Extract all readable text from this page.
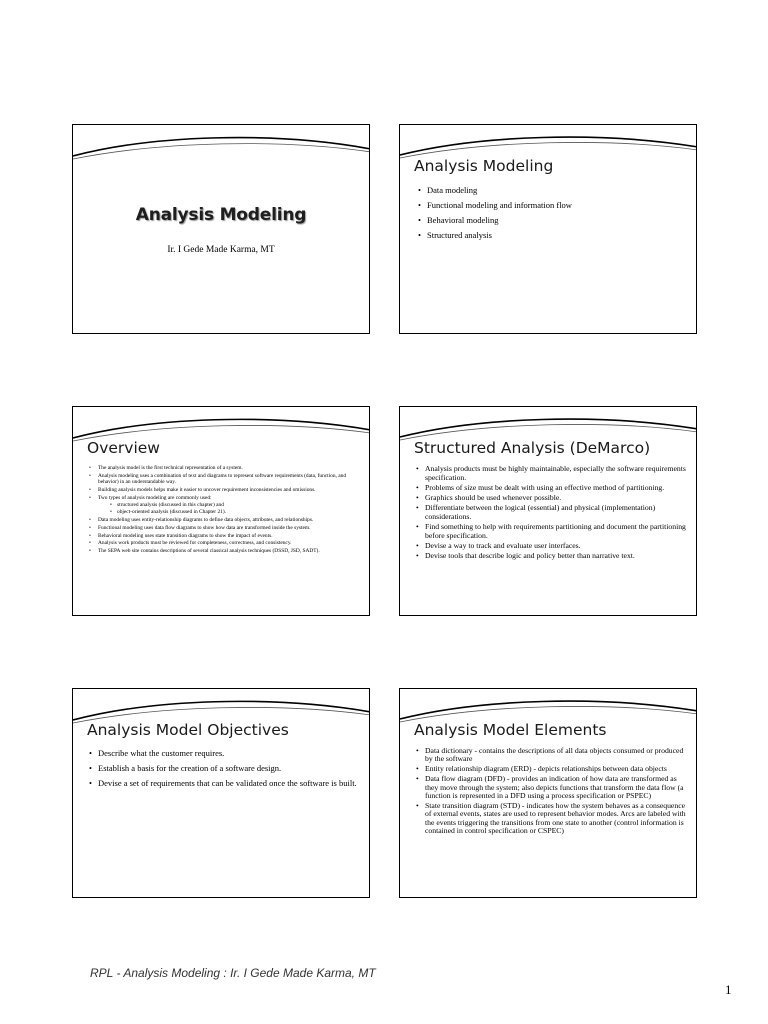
Analysis Modeling
Ir. I Gede Made Karma, MT
Analysis Modeling
• Data modeling
• Functional modeling and information flow
• Behavioral modeling
• Structured analysis
Overview
• The analysis model is the first technical representation of a system.
• Analysis modeling uses a combination of text and diagrams to represent software requirements (data, function, and behavior) in an understandable way.
• Building analysis models helps make it easier to uncover requirement inconsistencies and omissions.
• Two types of analysis modeling are commonly used:
• structured analysis (discussed in this chapter) and
• object-oriented analysis (discussed in Chapter 21).
• Data modeling uses entity-relationship diagrams to define data objects, attributes, and relationships.
• Functional modeling uses data flow diagrams to show how data are transformed inside the system.
• Behavioral modeling uses state transition diagrams to show the impact of events.
• Analysis work products must be reviewed for completeness, correctness, and consistency.
• The SEPA web site contains descriptions of several classical analysis techniques (DSSD, JSD, SADT).
Structured Analysis (DeMarco)
• Analysis products must be highly maintainable, especially the software requirements specification.
• Problems of size must be dealt with using an effective method of partitioning.
• Graphics should be used whenever possible.
• Differentiate between the logical (essential) and physical (implementation) considerations.
• Find something to help with requirements partitioning and document the partitioning before specification.
• Devise a way to track and evaluate user interfaces.
• Devise tools that describe logic and policy better than narrative text.
Analysis Model Objectives
• Describe what the customer requires.
• Establish a basis for the creation of a software design.
• Devise a set of requirements that can be validated once the software is built.
Analysis Model Elements
• Data dictionary - contains the descriptions of all data objects consumed or produced by the software
• Entity relationship diagram (ERD) - depicts relationships between data objects
• Data flow diagram (DFD) - provides an indication of how data are transformed as they move through the system; also depicts functions that transform the data flow (a function is represented in a DFD using a process specification or PSPEC)
• State transition diagram (STD) - indicates how the system behaves as a consequence of external events, states are used to represent behavior modes. Arcs are labeled with the events triggering the transitions from one state to another (control information is contained in control specification or CSPEC)
RPL - Analysis Modeling : Ir. I Gede Made Karma, MT
1
